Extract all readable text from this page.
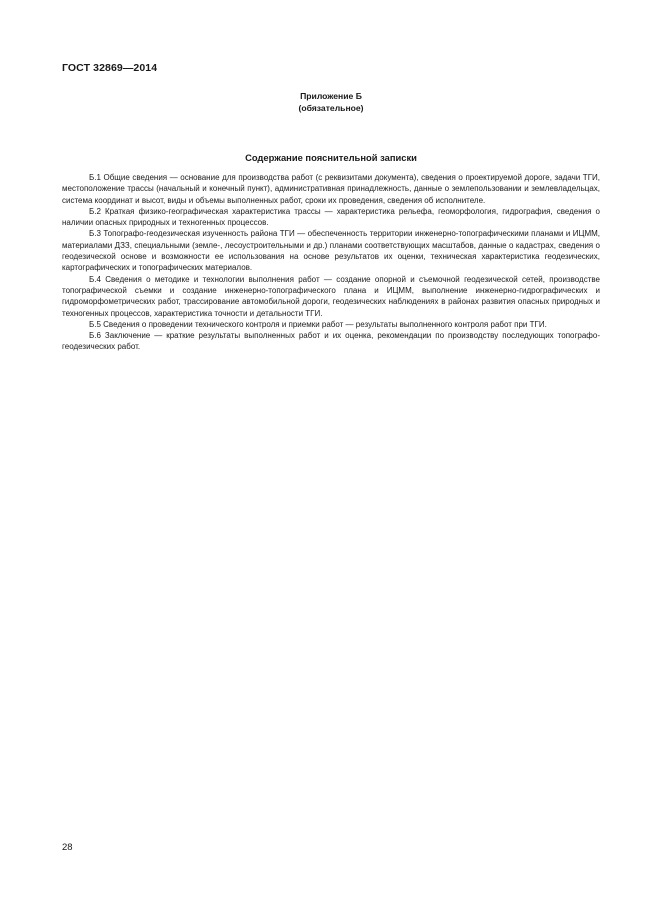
ГОСТ 32869—2014
Приложение Б
(обязательное)
Содержание пояснительной записки

Б.1 Общие сведения — основание для производства работ (с реквизитами документа), сведения о проектируемой дороге, задачи ТГИ, местоположение трассы (начальный и конечный пункт), административная принадлежность, данные о землепользовании и землевладельцах, система координат и высот, виды и объемы выполненных работ, сроки их проведения, сведения об исполнителе.

Б.2 Краткая физико-географическая характеристика трассы — характеристика рельефа, геоморфология, гидрография, сведения о наличии опасных природных и техногенных процессов.

Б.3 Топографо-геодезическая изученность района ТГИ — обеспеченность территории инженерно-топографическими планами и ИЦММ, материалами ДЗЗ, специальными (землe-, лесоустроительными и др.) планами соответствующих масштабов, данные о кадастрах, сведения о геодезической основе и возможности ее использования на основе результатов их оценки, техническая характеристика геодезических, картографических и топографических материалов.

Б.4 Сведения о методике и технологии выполнения работ — создание опорной и съемочной геодезической сетей, производстве топографической съемки и создание инженерно-топографического плана и ИЦММ, выполнение инженерно-гидрографических и гидроморфометрических работ, трассирование автомобильной дороги, геодезических наблюдениях в районах развития опасных природных и техногенных процессов, характеристика точности и детальности ТГИ.

Б.5 Сведения о проведении технического контроля и приемки работ — результаты выполненного контроля работ при ТГИ.

Б.6 Заключение — краткие результаты выполненных работ и их оценка, рекомендации по производству последующих топографо-геодезических работ.

28
